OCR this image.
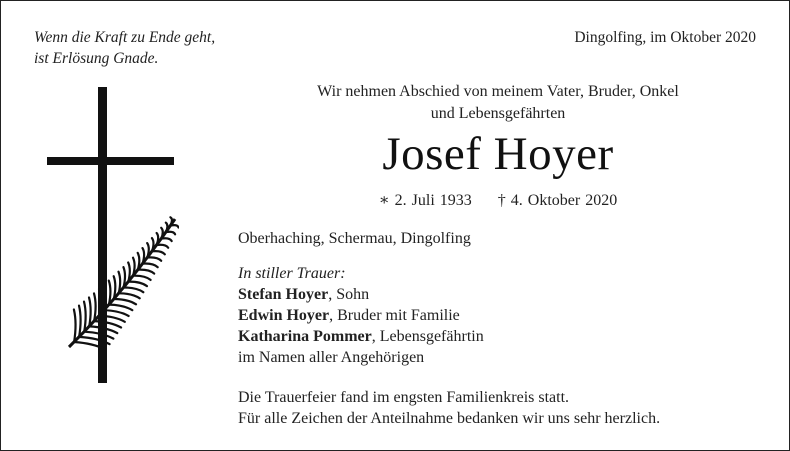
Wenn die Kraft zu Ende geht,
ist Erlösung Gnade.
Dingolfing, im Oktober 2020
Wir nehmen Abschied von meinem Vater, Bruder, Onkel
und Lebensgefährten
Josef Hoyer
∗ 2. Juli 1933 † 4. Oktober 2020
Oberhaching, Schermau, Dingolfing
In stiller Trauer:
Stefan Hoyer, Sohn
Edwin Hoyer, Bruder mit Familie
Katharina Pommer, Lebensgefährtin
im Namen aller Angehörigen
Die Trauerfeier fand im engsten Familienkreis statt.
Für alle Zeichen der Anteilnahme bedanken wir uns sehr herzlich.
